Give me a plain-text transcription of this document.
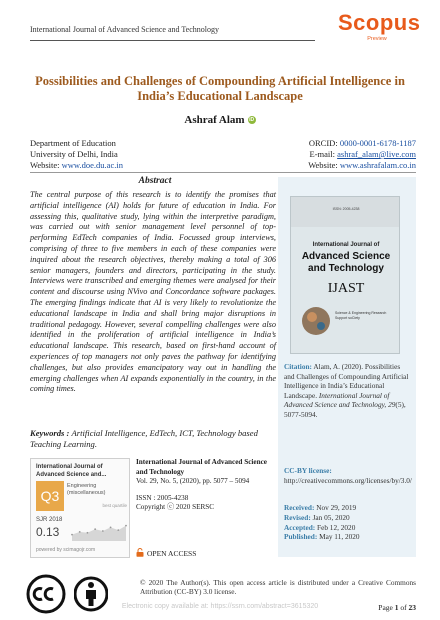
International Journal of Advanced Science and Technology	Scopus
Preview
Possibilities and Challenges of Compounding Artificial Intelligence in India’s Educational Landscape
Ashraf Alam iD
Department of Education
University of Delhi, India
Website: www.doe.du.ac.in
ORCID: 0000-0001-6178-1187
E-mail: ashraf_alam@live.com
Website: www.ashrafalam.co.in
Abstract
The central purpose of this research is to identify the promises that artificial intelligence (AI) holds for future of education in India. For assessing this, qualitative study, lying within the interpretive paradigm, was carried out with senior management level personnel of top-performing EdTech companies of India. Focussed group interviews, comprising of three to five members in each of these companies were inquired about the research objectives, thereby making a total of 306 senior managers, founders and directors, participating in the study. Interviews were transcribed and emerging themes were analysed for their content and discourse using NVivo and Concordance software packages. The emerging findings indicate that AI is very likely to revolutionize the educational landscape in India and shall bring major disruptions in traditional pedagogy. However, several compelling challenges were also identified in the proliferation of artificial intelligence in India’s educational landscape. This research, based on first-hand account of experiences of top managers not only paves the pathway for identifying challenges, but also provides emancipatory way out in handling the emerging challenges when AI expands exponentially in the country, in the coming times.
Keywords : Artificial Intelligence, EdTech, ICT, Technology based Teaching Learning.
International Journal of Advanced Science and...
Q3
Engineering (miscellaneous)
best quartile
SJR 2018
0.13
powered by scimagojr.com
International Journal of Advanced Science and Technology
Vol. 29, No. 5, (2020), pp. 5077 – 5094
ISSN : 2005-4238
Copyright ⓒ 2020 SERSC
OPEN ACCESS
ISSN: 2005-4238
International Journal of
Advanced Science and Technology
IJAST
Science & Engineering Research Support soCiety
Citation: Alam, A. (2020). Possibilities and Challenges of Compounding Artificial Intelligence in India’s Educational Landscape. International Journal of Advanced Science and Technology, 29(5), 5077-5094.
CC-BY license:
http://creativecommons.org/licenses/by/3.0/
Received: Nov 29, 2019
Revised: Jan 05, 2020
Accepted: Feb 12, 2020
Published: May 11, 2020
© 2020 The Author(s). This open access article is distributed under a Creative Commons Attribution (CC-BY) 3.0 license.
Electronic copy available at: https://ssrn.com/abstract=3615320	Page 1 of 23
